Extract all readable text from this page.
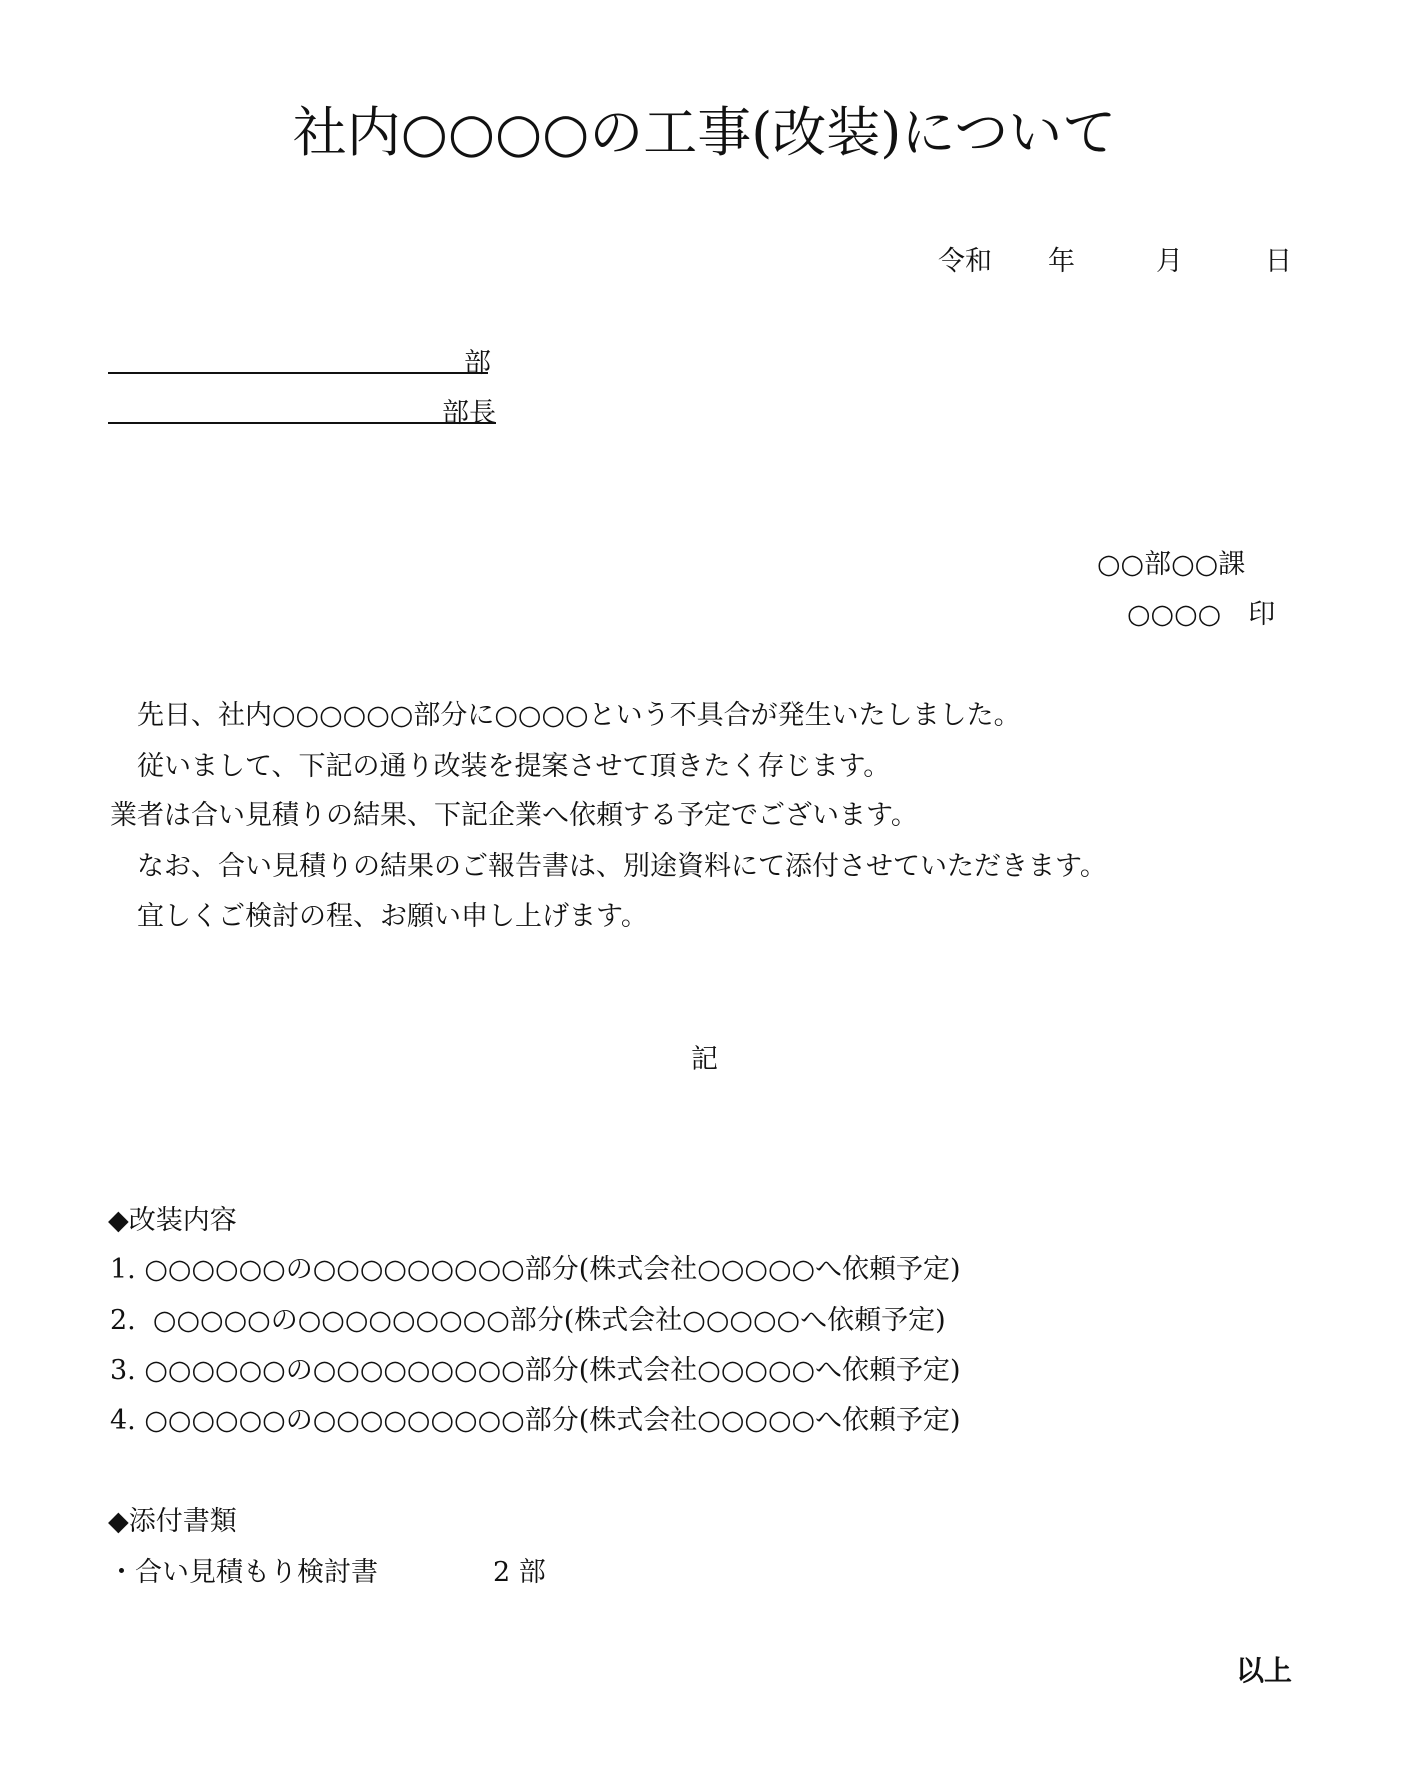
社内○○○○の工事(改装)について

令和

年

	月

	日

部

部長

○○部○○課
○○○○　印
　先日、社内○○○○○○部分に○○○○という不具合が発生いたしました。
　従いまして、下記の通り改装を提案させて頂きたく存じます。
業者は合い見積りの結果、下記企業へ依頼する予定でございます。
　なお、合い見積りの結果のご報告書は、別途資料にて添付させていただきます。
　宜しくご検討の程、お願い申し上げます。
記
◆改装内容
1. ○○○○○○の○○○○○○○○○部分(株式会社○○○○○へ依頼予定)
2.  ○○○○○の○○○○○○○○○部分(株式会社○○○○○へ依頼予定)
3. ○○○○○○の○○○○○○○○○部分(株式会社○○○○○へ依頼予定)
4. ○○○○○○の○○○○○○○○○部分(株式会社○○○○○へ依頼予定)
◆添付書類

・合い見積もり検討書

	2 部

以上
